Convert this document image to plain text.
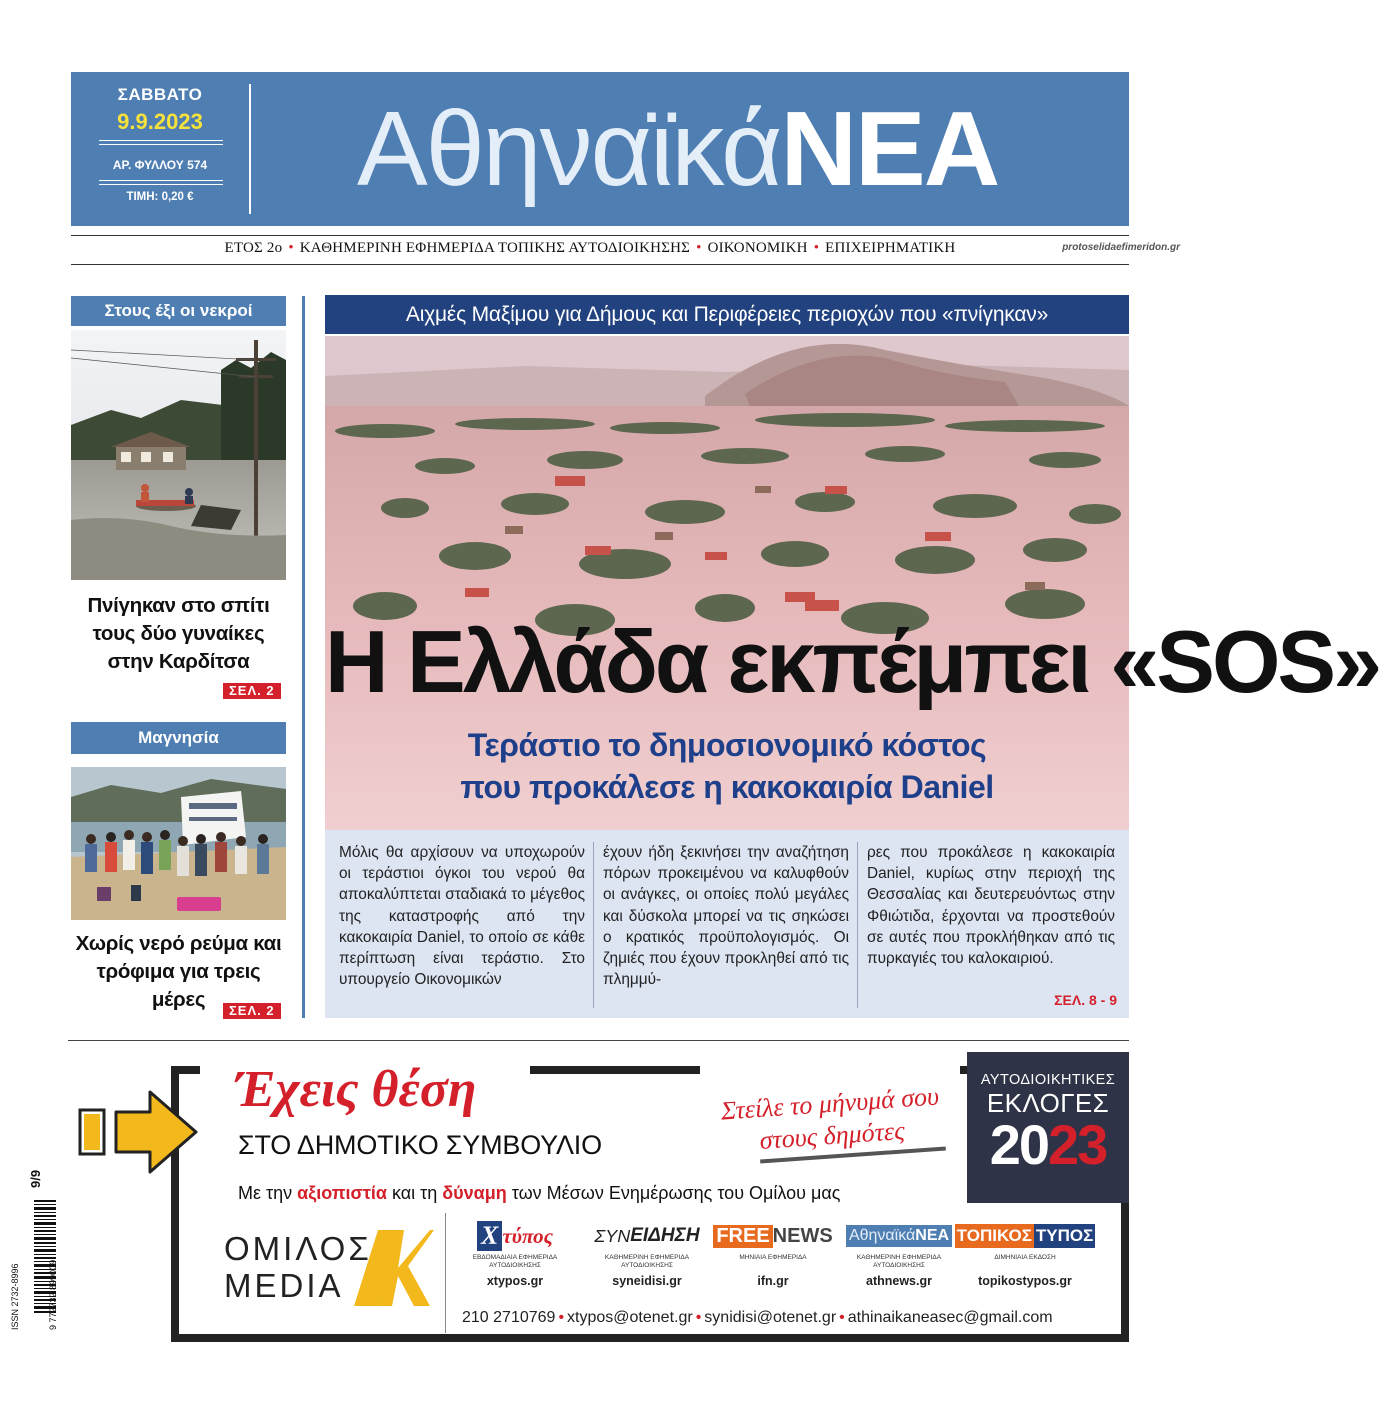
ΣΑΒΒΑΤΟ
9.9.2023
ΑΡ. ΦΥΛΛΟΥ 574
ΤΙΜΗ: 0,20 €	ΑθηναϊκάΝΕΑ
ΕΤΟΣ 2ο • ΚΑΘΗΜΕΡΙΝΗ ΕΦΗΜΕΡΙΔΑ ΤΟΠΙΚΗΣ ΑΥΤΟΔΙΟΙΚΗΣΗΣ • ΟΙΚΟΝΟΜΙΚΗ • ΕΠΙΧΕΙΡΗΜΑΤΙΚΗ	protoselidaefimeridon.gr
Στους έξι οι νεκροί
Πνίγηκαν στο σπίτι τους δύο γυναίκες στην Καρδίτσα
ΣΕΛ. 2
Μαγνησία
Χωρίς νερό ρεύμα και τρόφιμα για τρεις μέρες	ΣΕΛ. 2
Αιχμές Μαξίμου για Δήμους και Περιφέρειες περιοχών που «πνίγηκαν»
Η Ελλάδα εκπέμπει «SOS»
Τεράστιο το δημοσιονομικό κόστος
που προκάλεσε η κακοκαιρία Daniel
Μόλις θα αρχίσουν να υποχωρούν οι τεράστιοι όγκοι του νερού θα αποκαλύπτεται σταδιακά το μέγεθος της καταστροφής από την κακοκαιρία Daniel, το οποίο σε κάθε περίπτωση είναι τεράστιο. Στο υπουργείο Οικονομικών
έχουν ήδη ξεκινήσει την αναζήτηση πόρων προκειμένου να καλυφθούν οι ανάγκες, οι οποίες πολύ μεγάλες και δύσκολα μπορεί να τις σηκώσει ο κρατικός προϋπολογισμός. Οι ζημιές που έχουν προκληθεί από τις πλημμύ-
ρες που προκάλεσε η κακοκαιρία Daniel, κυρίως στην περιοχή της Θεσσαλίας και δευτερευόντως στην Φθιώτιδα, έρχονται να προστεθούν σε αυτές που προκλήθηκαν από τις πυρκαγιές του καλοκαιριού.
ΣΕΛ. 8 - 9
Έχεις θέση
ΣΤΟ ΔΗΜΟΤΙΚΟ ΣΥΜΒΟΥΛΙΟ
Με την αξιοπιστία και τη δύναμη των Μέσων Ενημέρωσης του Ομίλου μας
Στείλε το μήνυμά σου
στους δημότες
ΑΥΤΟΔΙΟΙΚΗΤΙΚΕΣ
ΕΚΛΟΓΕΣ
2023
ΟΜΙΛΟΣ
MEDIA
Χ τύπος
ΕΒΔΟΜΑΔΙΑΙΑ ΕΦΗΜΕΡΙΔΑ ΑΥΤΟΔΙΟΙΚΗΣΗΣ
xtypos.gr
ΣΥΝ ΕΙΔΗΣΗ
ΚΑΘΗΜΕΡΙΝΗ ΕΦΗΜΕΡΙΔΑ ΑΥΤΟΔΙΟΙΚΗΣΗΣ
syneidisi.gr
FREE NEWS
ΜΗΝΙΑΙΑ ΕΦΗΜΕΡΙΔΑ
ifn.gr
Αθηναϊκά ΝΕΑ
ΚΑΘΗΜΕΡΙΝΗ ΕΦΗΜΕΡΙΔΑ ΑΥΤΟΔΙΟΙΚΗΣΗΣ
athnews.gr
ΤΟΠΙΚΟΣ ΤΥΠΟΣ
ΔΙΜΗΝΙΑΙΑ ΕΚΔΟΣΗ
topikostypos.gr
210 2710769 • xtypos@otenet.gr • synidisi@otenet.gr • athinaikaneasec@gmail.com
ISSN 2732-8996	9 772732 899009
9/9
